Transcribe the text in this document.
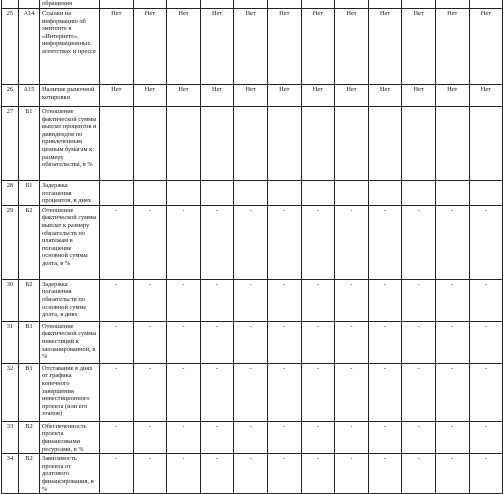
		обращения												
25	А14	Ссылки на информацию об эмитенте в «Интернете», информационных агентствах и прессе	Нет	Нет	Нет	Нет	Нет	Нет	Нет	Нет	Нет	Нет	Нет	Нет
26	А15	Наличие рыночной котировки	Нет	Нет	Нет	Нет	Нет	Нет	Нет	Нет	Нет	Нет	Нет	Нет
27	Б1	Отношение фактической суммы выплат процентов и дивидендов по привлеченным ценным бумагам к размеру обязательства, в %												
28	Б1	Задержка погашения процентов, в днях												
29	Б2	Отношение фактической суммы выплат к размеру обязательств по платежам в погашение основной суммы долга, в %	-	-	-	-	-	-	-	-	-	-	-	-
30	Б2	Задержка погашения обязательств по основной сумме долга, в днях	-	-	-	-	-	-	-	-	-	-	-	-
31	В1	Отношение фактической суммы инвестиций к запланированной, в %	-	-	-	-	-	-	-	-	-	-	-	-
32	В1	Отставание в днях от графика конечного завершения инвестиционного проекта (или его этапов)	-	-	-	-	-	-	-	-	-	-	-	-
33	В2	Обеспеченность проекта финансовыми ресурсами, в %	-	-	-	-	-	-	-	-	-	-	-	-
34	В2	Зависимость проекта от долгового финансирования, в %	-	-	-	-	-	-	-	-	-	-	-	-
